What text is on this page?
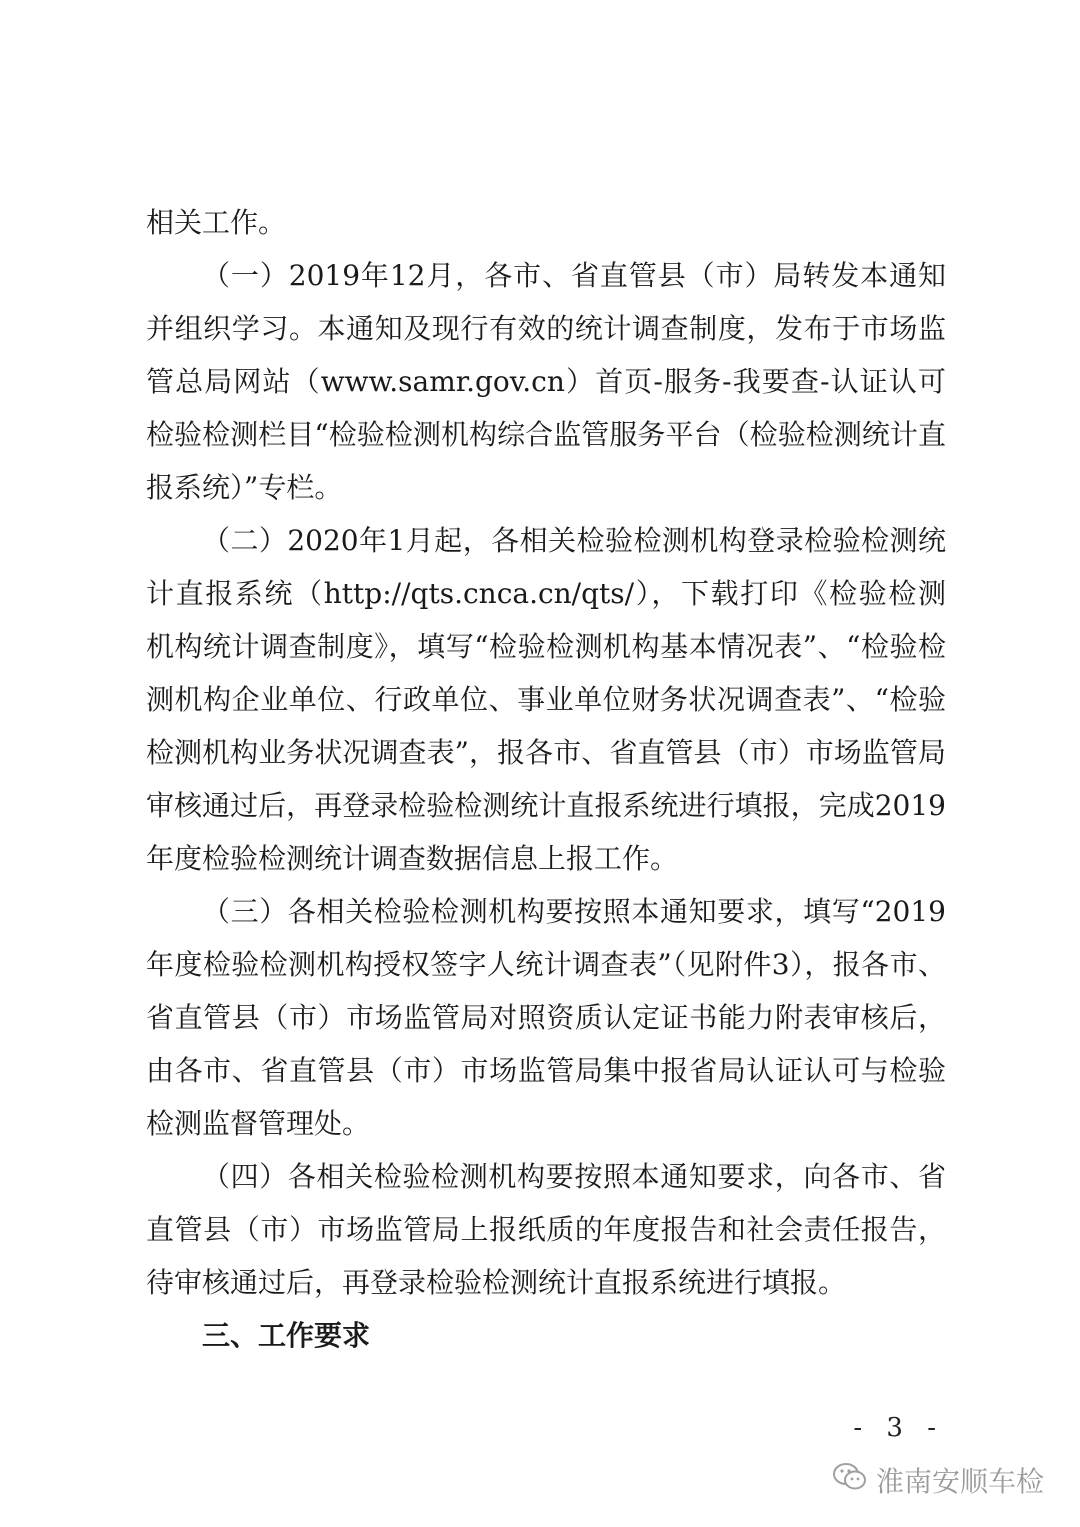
相关工作。

（一）2019年12月，各市、省直管县（市）局转发本通知并组织学习。本通知及现行有效的统计调查制度，发布于市场监管总局网站（www.samr.gov.cn）首页-服务-我要查-认证认可检验检测栏目“检验检测机构综合监管服务平台（检验检测统计直报系统）”专栏。

（二）2020年1月起，各相关检验检测机构登录检验检测统计直报系统（http://qts.cnca.cn/qts/），下载打印《检验检测机构统计调查制度》，填写“检验检测机构基本情况表”、“检验检测机构企业单位、行政单位、事业单位财务状况调查表”、“检验检测机构业务状况调查表”，报各市、省直管县（市）市场监管局审核通过后，再登录检验检测统计直报系统进行填报，完成2019年度检验检测统计调查数据信息上报工作。

（三）各相关检验检测机构要按照本通知要求，填写“2019年度检验检测机构授权签字人统计调查表”（见附件3），报各市、省直管县（市）市场监管局对照资质认定证书能力附表审核后，由各市、省直管县（市）市场监管局集中报省局认证认可与检验检测监督管理处。

（四）各相关检验检测机构要按照本通知要求，向各市、省直管县（市）市场监管局上报纸质的年度报告和社会责任报告，待审核通过后，再登录检验检测统计直报系统进行填报。

三、工作要求
- 3 -
淮南安顺车检
